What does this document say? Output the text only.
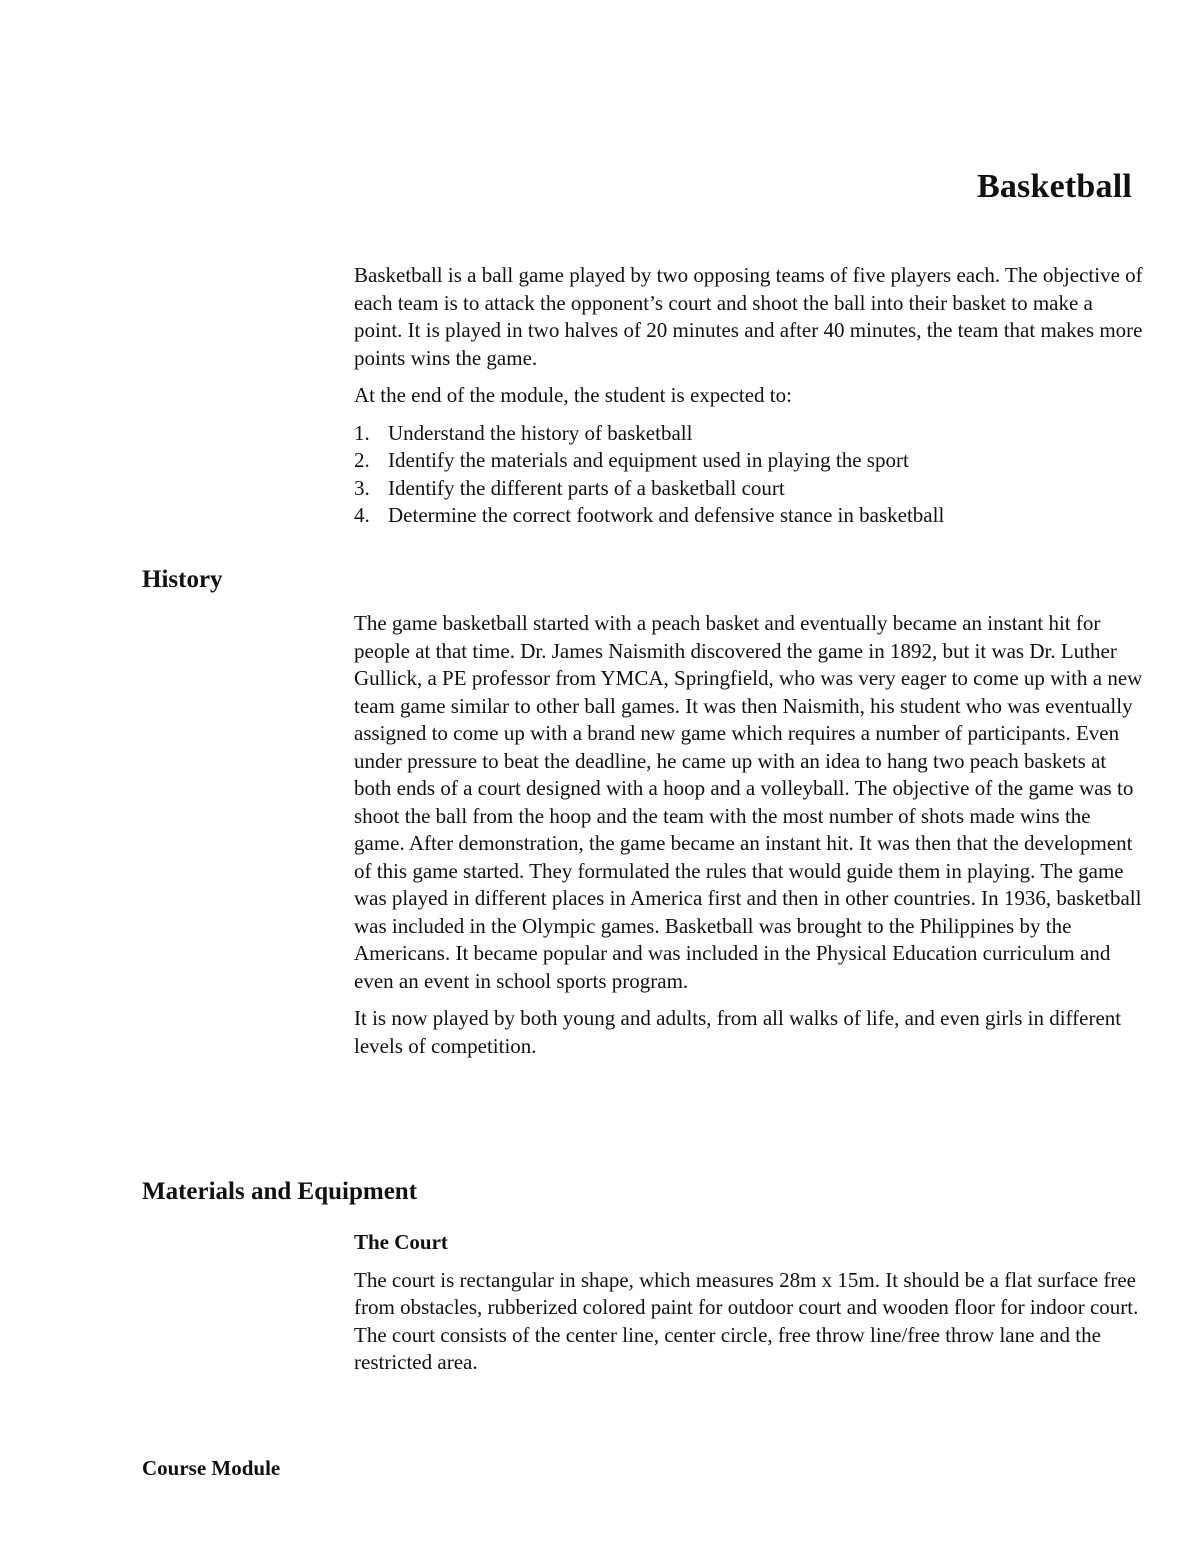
Basketball

Basketball is a ball game played by two opposing teams of five players each. The objective of each team is to attack the opponent’s court and shoot the ball into their basket to make a point. It is played in two halves of 20 minutes and after 40 minutes, the team that makes more points wins the game.

At the end of the module, the student is expected to:

1. Understand the history of basketball
2. Identify the materials and equipment used in playing the sport
3. Identify the different parts of a basketball court
4. Determine the correct footwork and defensive stance in basketball
History

The game basketball started with a peach basket and eventually became an instant hit for people at that time. Dr. James Naismith discovered the game in 1892, but it was Dr. Luther Gullick, a PE professor from YMCA, Springfield, who was very eager to come up with a new team game similar to other ball games. It was then Naismith, his student who was eventually assigned to come up with a brand new game which requires a number of participants. Even under pressure to beat the deadline, he came up with an idea to hang two peach baskets at both ends of a court designed with a hoop and a volleyball. The objective of the game was to shoot the ball from the hoop and the team with the most number of shots made wins the game. After demonstration, the game became an instant hit. It was then that the development of this game started. They formulated the rules that would guide them in playing. The game was played in different places in America first and then in other countries. In 1936, basketball was included in the Olympic games. Basketball was brought to the Philippines by the Americans. It became popular and was included in the Physical Education curriculum and even an event in school sports program.

It is now played by both young and adults, from all walks of life, and even girls in different levels of competition.

Materials and Equipment
The Court

The court is rectangular in shape, which measures 28m x 15m. It should be a flat surface free from obstacles, rubberized colored paint for outdoor court and wooden floor for indoor court. The court consists of the center line, center circle, free throw line/free throw lane and the restricted area.

Course Module
